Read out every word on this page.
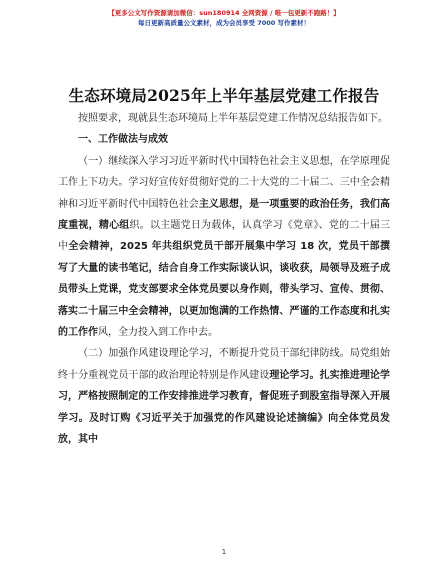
【更多公文写作资源请加微信：sun180914 全网资源 / 唯一包更新不跑路！】
每日更新高质量公文素材，成为会员享受 7000 写作素材！
生态环境局2025年上半年基层党建工作报告

按照要求，现就县生态环境局上半年基层党建工作情况总结报告如下。

一、工作做法与成效

（一）继续深入学习习近平新时代中国特色社会主义思想，在学原理促工作上下功夫。学习好宣传好贯彻好党的二十大党的二十届二、三中全会精神和习近平新时代中国特色社会主义思想，是一项重要的政治任务，我们高度重视，精心组织。以主题党日为载体，认真学习《党章》、党的二十届三中全会精神，2025 年共组织党员干部开展集中学习 18 次，党员干部撰写了大量的读书笔记，结合自身工作实际谈认识，谈收获，局领导及班子成员带头上党课，党支部要求全体党员要以身作则，带头学习、宣传、贯彻、落实二十届三中全会精神，以更加饱满的工作热情、严谨的工作态度和扎实的工作作风，全力投入到工作中去。

（二）加强作风建设理论学习，不断提升党员干部纪律防线。局党组始终十分重视党员干部的政治理论特别是作风建设理论学习。扎实推进理论学习，严格按照制定的工作安排推进学习教育，督促班子到股室指导深入开展学习。及时订购《习近平关于加强党的作风建设论述摘编》向全体党员发放，其中

1
